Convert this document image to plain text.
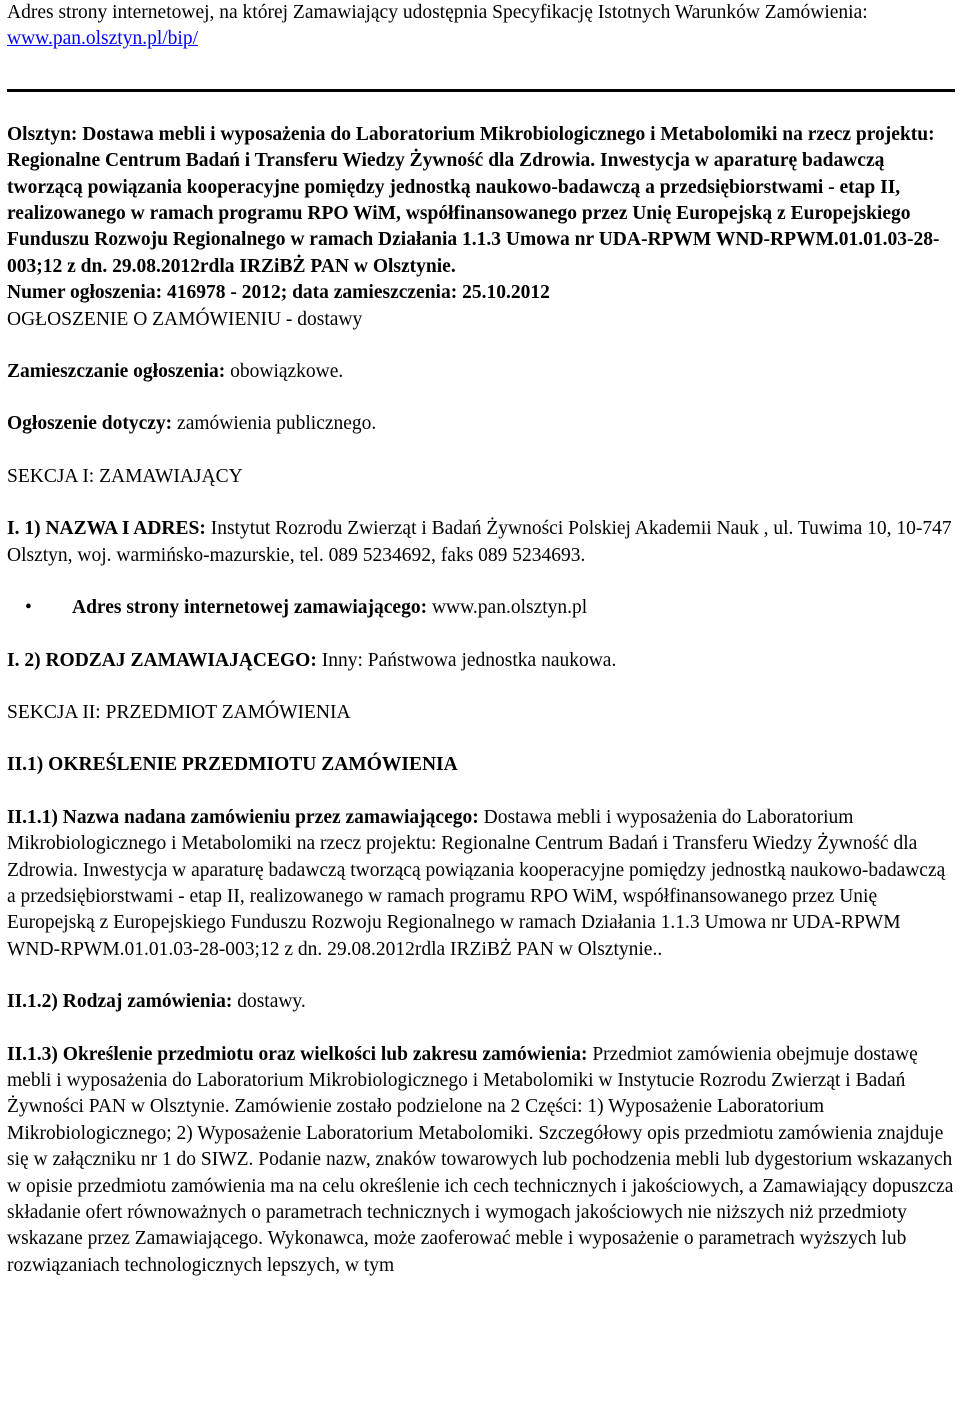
Adres strony internetowej, na której Zamawiający udostępnia Specyfikację Istotnych Warunków Zamówienia:

www.pan.olsztyn.pl/bip/

Olsztyn: Dostawa mebli i wyposażenia do Laboratorium Mikrobiologicznego i Metabolomiki na rzecz projektu: Regionalne Centrum Badań i Transferu Wiedzy Żywność dla Zdrowia. Inwestycja w aparaturę badawczą tworzącą powiązania kooperacyjne pomiędzy jednostką naukowo-badawczą a przedsiębiorstwami - etap II, realizowanego w ramach programu RPO WiM, współfinansowanego przez Unię Europejską z Europejskiego Funduszu Rozwoju Regionalnego w ramach Działania 1.1.3 Umowa nr UDA-RPWM WND-RPWM.01.01.03-28-003;12 z dn. 29.08.2012rdla IRZiBŻ PAN w Olsztynie.

Numer ogłoszenia: 416978 - 2012; data zamieszczenia: 25.10.2012

OGŁOSZENIE O ZAMÓWIENIU - dostawy

Zamieszczanie ogłoszenia: obowiązkowe.

Ogłoszenie dotyczy: zamówienia publicznego.

SEKCJA I: ZAMAWIAJĄCY

I. 1) NAZWA I ADRES: Instytut Rozrodu Zwierząt i Badań Żywności Polskiej Akademii Nauk , ul. Tuwima 10, 10-747 Olsztyn, woj. warmińsko-mazurskie, tel. 089 5234692, faks 089 5234693.

• Adres strony internetowej zamawiającego: www.pan.olsztyn.pl

I. 2) RODZAJ ZAMAWIAJĄCEGO: Inny: Państwowa jednostka naukowa.

SEKCJA II: PRZEDMIOT ZAMÓWIENIA

II.1) OKREŚLENIE PRZEDMIOTU ZAMÓWIENIA

II.1.1) Nazwa nadana zamówieniu przez zamawiającego: Dostawa mebli i wyposażenia do Laboratorium Mikrobiologicznego i Metabolomiki na rzecz projektu: Regionalne Centrum Badań i Transferu Wiedzy Żywność dla Zdrowia. Inwestycja w aparaturę badawczą tworzącą powiązania kooperacyjne pomiędzy jednostką naukowo-badawczą a przedsiębiorstwami - etap II, realizowanego w ramach programu RPO WiM, współfinansowanego przez Unię Europejską z Europejskiego Funduszu Rozwoju Regionalnego w ramach Działania 1.1.3 Umowa nr UDA-RPWM WND-RPWM.01.01.03-28-003;12 z dn. 29.08.2012rdla IRZiBŻ PAN w Olsztynie..

II.1.2) Rodzaj zamówienia: dostawy.

II.1.3) Określenie przedmiotu oraz wielkości lub zakresu zamówienia: Przedmiot zamówienia obejmuje dostawę mebli i wyposażenia do Laboratorium Mikrobiologicznego i Metabolomiki w Instytucie Rozrodu Zwierząt i Badań Żywności PAN w Olsztynie. Zamówienie zostało podzielone na 2 Części: 1) Wyposażenie Laboratorium Mikrobiologicznego; 2) Wyposażenie Laboratorium Metabolomiki. Szczegółowy opis przedmiotu zamówienia znajduje się w załączniku nr 1 do SIWZ. Podanie nazw, znaków towarowych lub pochodzenia mebli lub dygestorium wskazanych w opisie przedmiotu zamówienia ma na celu określenie ich cech technicznych i jakościowych, a Zamawiający dopuszcza składanie ofert równoważnych o parametrach technicznych i wymogach jakościowych nie niższych niż przedmioty wskazane przez Zamawiającego. Wykonawca, może zaoferować meble i wyposażenie o parametrach wyższych lub rozwiązaniach technologicznych lepszych, w tym
